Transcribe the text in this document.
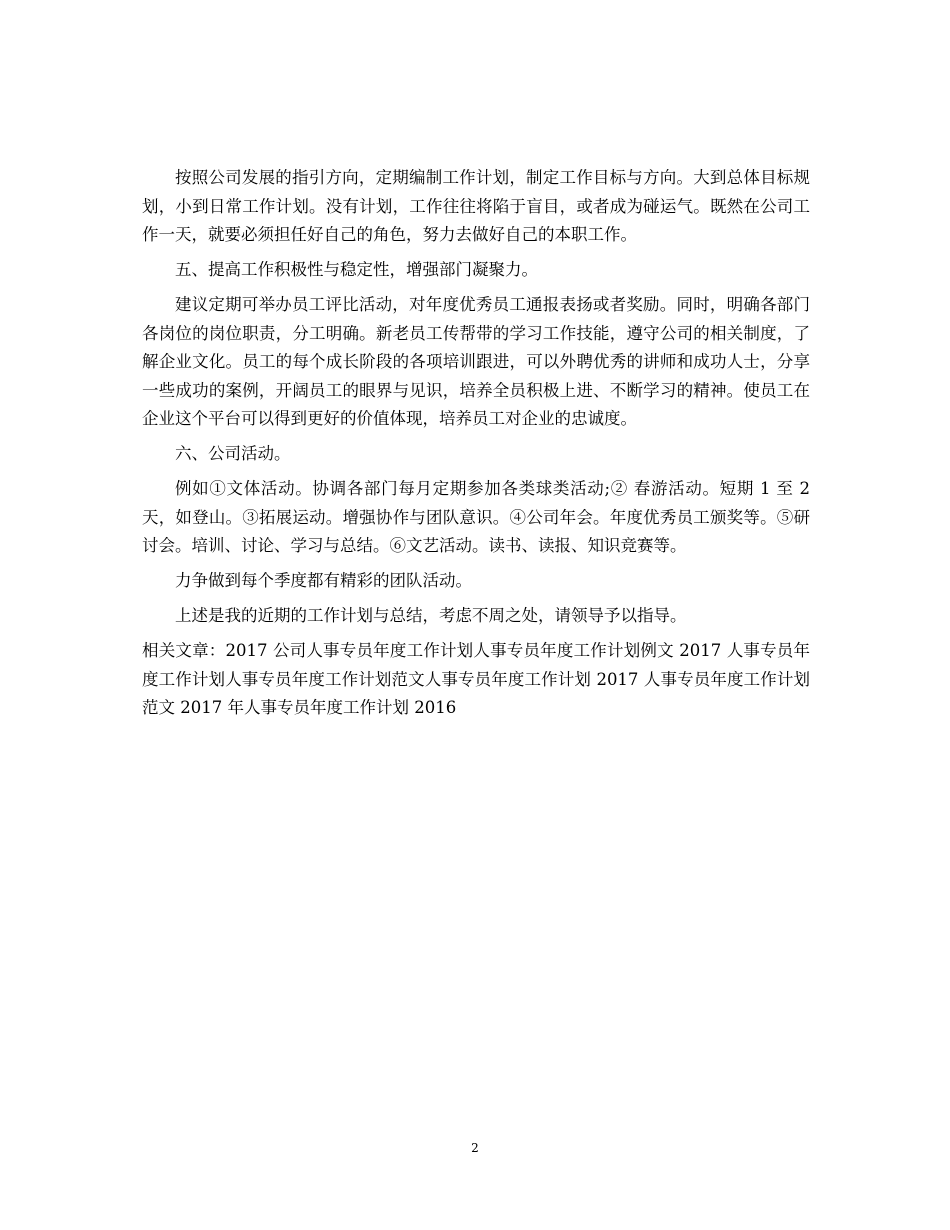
按照公司发展的指引方向，定期编制工作计划，制定工作目标与方向。大到总体目标规划，小到日常工作计划。没有计划，工作往往将陷于盲目，或者成为碰运气。既然在公司工作一天，就要必须担任好自己的角色，努力去做好自己的本职工作。

五、提高工作积极性与稳定性，增强部门凝聚力。

建议定期可举办员工评比活动，对年度优秀员工通报表扬或者奖励。同时，明确各部门各岗位的岗位职责，分工明确。新老员工传帮带的学习工作技能，遵守公司的相关制度，了解企业文化。员工的每个成长阶段的各项培训跟进，可以外聘优秀的讲师和成功人士，分享一些成功的案例，开阔员工的眼界与见识，培养全员积极上进、不断学习的精神。使员工在企业这个平台可以得到更好的价值体现，培养员工对企业的忠诚度。

六、公司活动。

例如①文体活动。协调各部门每月定期参加各类球类活动;② 春游活动。短期 1 至 2 天，如登山。③拓展运动。增强协作与团队意识。④公司年会。年度优秀员工颁奖等。⑤研讨会。培训、讨论、学习与总结。⑥文艺活动。读书、读报、知识竞赛等。

力争做到每个季度都有精彩的团队活动。

上述是我的近期的工作计划与总结，考虑不周之处，请领导予以指导。

相关文章：2017 公司人事专员年度工作计划人事专员年度工作计划例文 2017 人事专员年度工作计划人事专员年度工作计划范文人事专员年度工作计划 2017 人事专员年度工作计划范文 2017 年人事专员年度工作计划 2016

2
